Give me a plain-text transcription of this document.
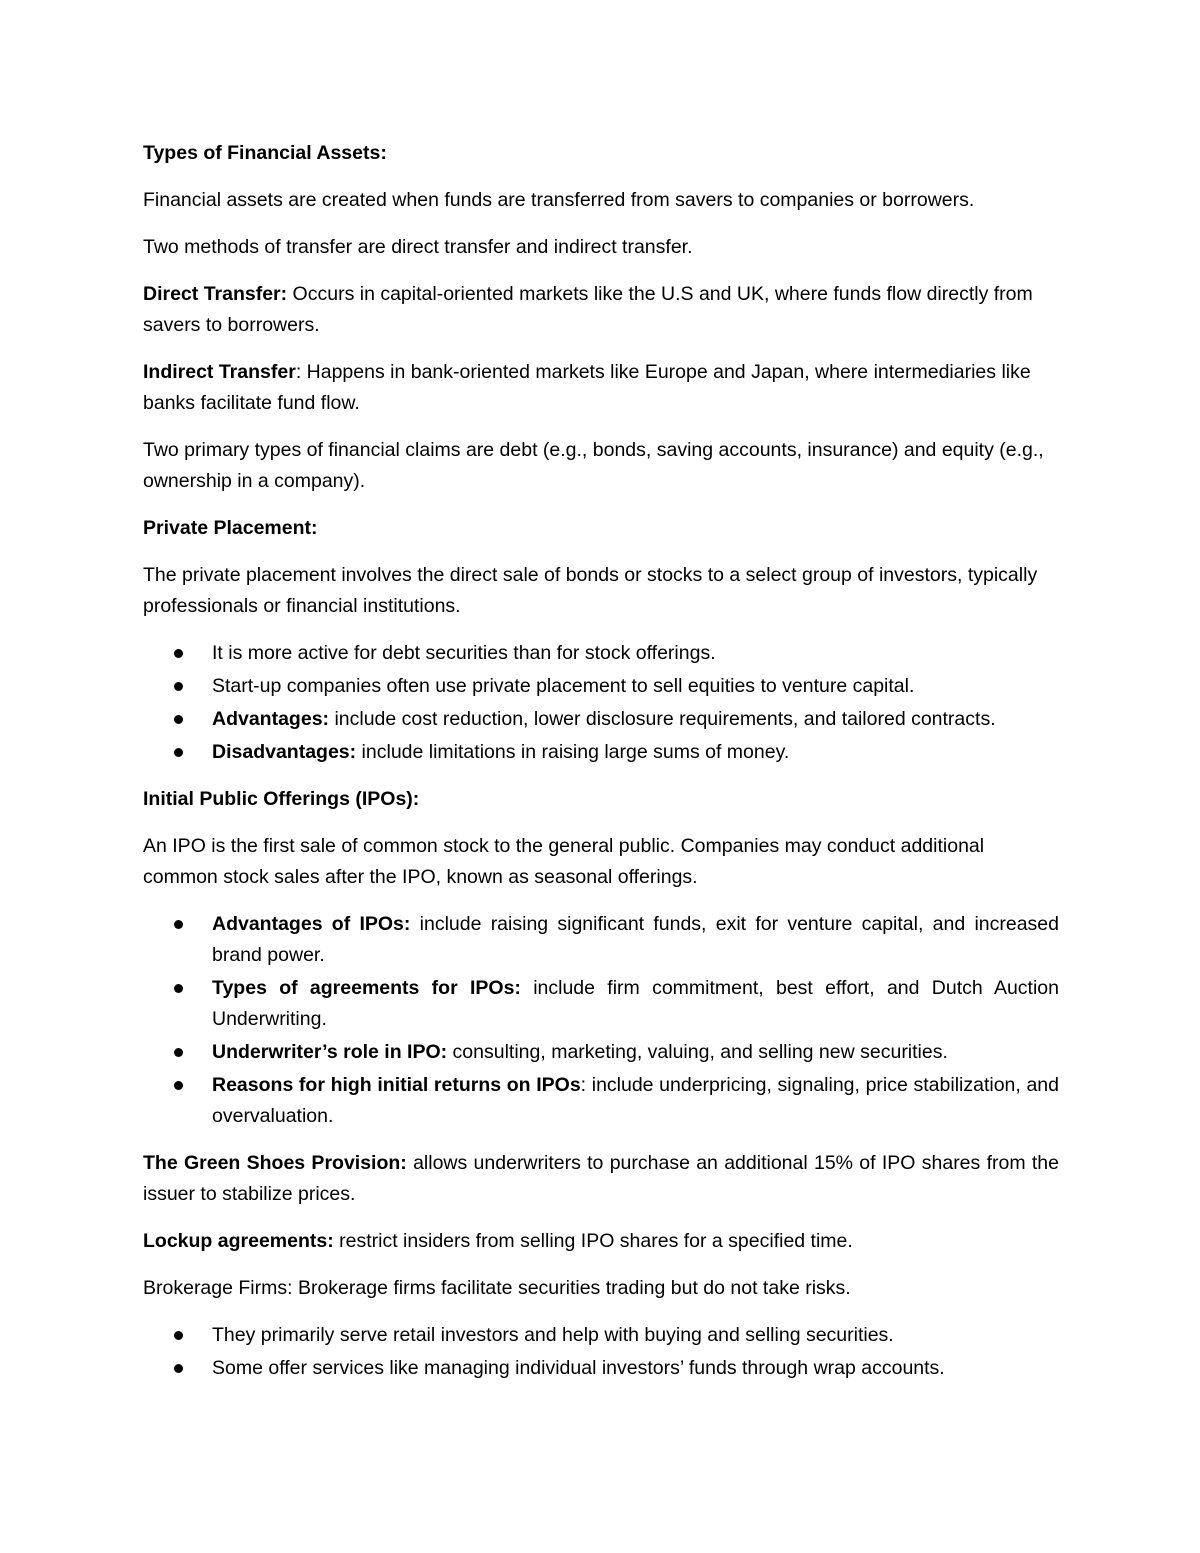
Types of Financial Assets:

Financial assets are created when funds are transferred from savers to companies or borrowers.

Two methods of transfer are direct transfer and indirect transfer.

Direct Transfer: Occurs in capital-oriented markets like the U.S and UK, where funds flow directly from savers to borrowers.

Indirect Transfer: Happens in bank-oriented markets like Europe and Japan, where intermediaries like banks facilitate fund flow.

Two primary types of financial claims are debt (e.g., bonds, saving accounts, insurance) and equity (e.g., ownership in a company).

Private Placement:

The private placement involves the direct sale of bonds or stocks to a select group of investors, typically professionals or financial institutions.

It is more active for debt securities than for stock offerings.
Start-up companies often use private placement to sell equities to venture capital.
Advantages: include cost reduction, lower disclosure requirements, and tailored contracts.
Disadvantages: include limitations in raising large sums of money.

Initial Public Offerings (IPOs):

An IPO is the first sale of common stock to the general public. Companies may conduct additional common stock sales after the IPO, known as seasonal offerings.

Advantages of IPOs: include raising significant funds, exit for venture capital, and increased brand power.
Types of agreements for IPOs: include firm commitment, best effort, and Dutch Auction Underwriting.
Underwriter’s role in IPO: consulting, marketing, valuing, and selling new securities.
Reasons for high initial returns on IPOs: include underpricing, signaling, price stabilization, and overvaluation.

The Green Shoes Provision: allows underwriters to purchase an additional 15% of IPO shares from the issuer to stabilize prices.

Lockup agreements: restrict insiders from selling IPO shares for a specified time.

Brokerage Firms: Brokerage firms facilitate securities trading but do not take risks.

They primarily serve retail investors and help with buying and selling securities.
Some offer services like managing individual investors’ funds through wrap accounts.
